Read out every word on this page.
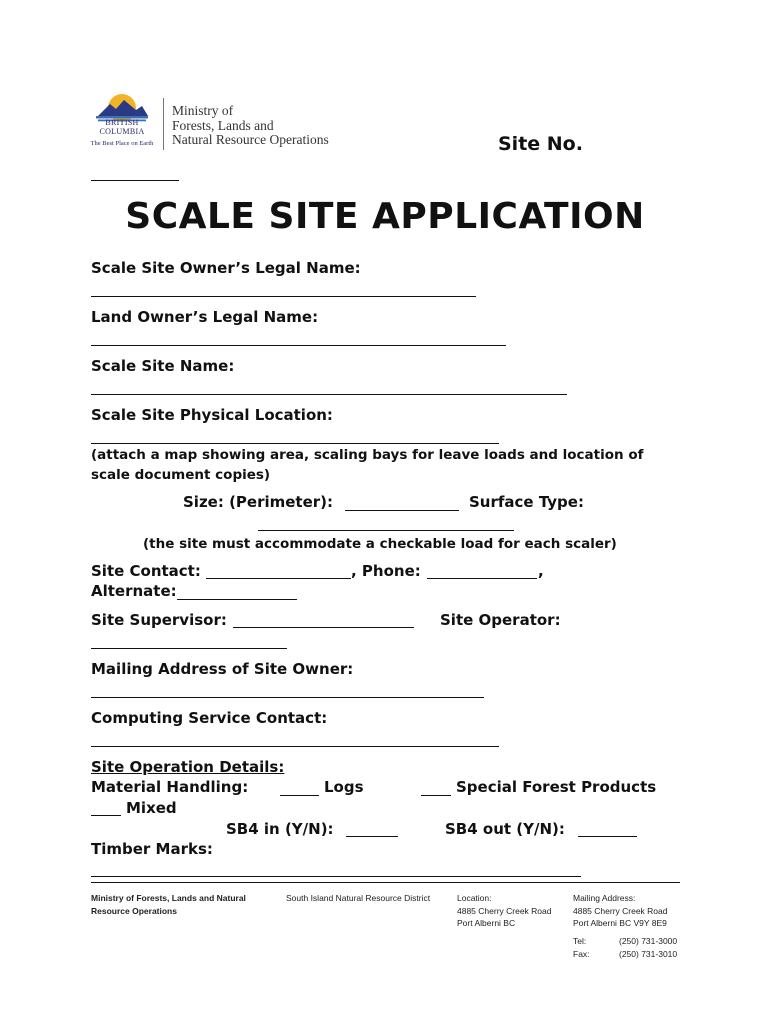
BRITISH
COLUMBIA
The Best Place on Earth
Ministry of
Forests, Lands and
Natural Resource Operations	Site No.
SCALE SITE APPLICATION
Scale Site Owner’s Legal Name:
Land Owner’s Legal Name:
Scale Site Name:
Scale Site Physical Location:
(attach a map showing area, scaling bays for leave loads and location of scale document copies)
Size: (Perimeter):	Surface Type:
(the site must accommodate a checkable load for each scaler)
Site Contact:	, Phone:	,
Alternate:
Site Supervisor:	Site Operator:
Mailing Address of Site Owner:
Computing Service Contact:
Site Operation Details:
Material Handling:	Logs	Special Forest Products
Mixed
SB4 in (Y/N):	SB4 out (Y/N):
Timber Marks:
Ministry of Forests, Lands and Natural
Resource Operations
South Island Natural Resource District	Location:
4885 Cherry Creek Road
Port Alberni BC
Mailing Address:
4885 Cherry Creek Road
Port Alberni BC V9Y 8E9
Tel:	(250) 731-3000
Fax:	(250) 731-3010
